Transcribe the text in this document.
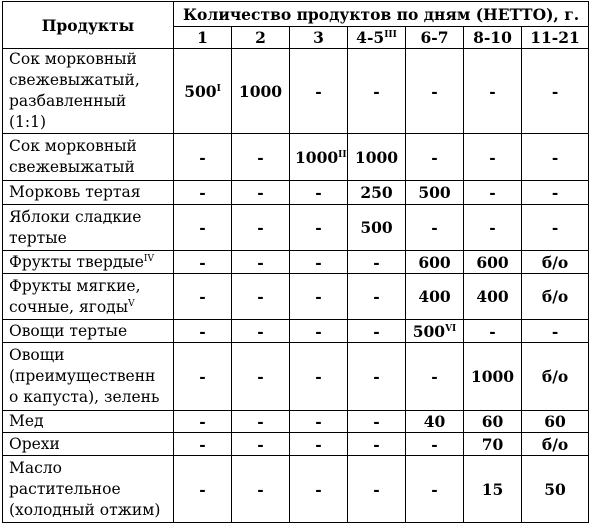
Продукты	Количество продуктов по дням (НЕТТО), г.						
	1	2	3	$4-5^{III}$	6-7	8-10	11-21
Сок морковный
свежевыжатый,
разбавленный (1:1)	$500^I$	1000	-	-	-	-	-
Сок морковный
свежевыжатый	-	-	$1000^{II}$	1000	-	-	-
Морковь тертая	-	-	-	250	500	-	-
Яблоки сладкие
тертые	-	-	-	500	-	-	-
Фрукты твердые$^{IV}$	-	-	-	-	600	600	б/о
Фрукты мягкие,
сочные, ягоды$^V$	-	-	-	-	400	400	б/о
Овощи тертые	-	-	-	-	$500^{VI}$	-	-
Овощи
(преимущественн
о капуста), зелень	-	-	-	-	-	1000	б/о
Мед	-	-	-	-	40	60	60
Орехи	-	-	-	-	-	70	б/о
Масло
растительное
(холодный отжим)	-	-	-	-	-	15	50
